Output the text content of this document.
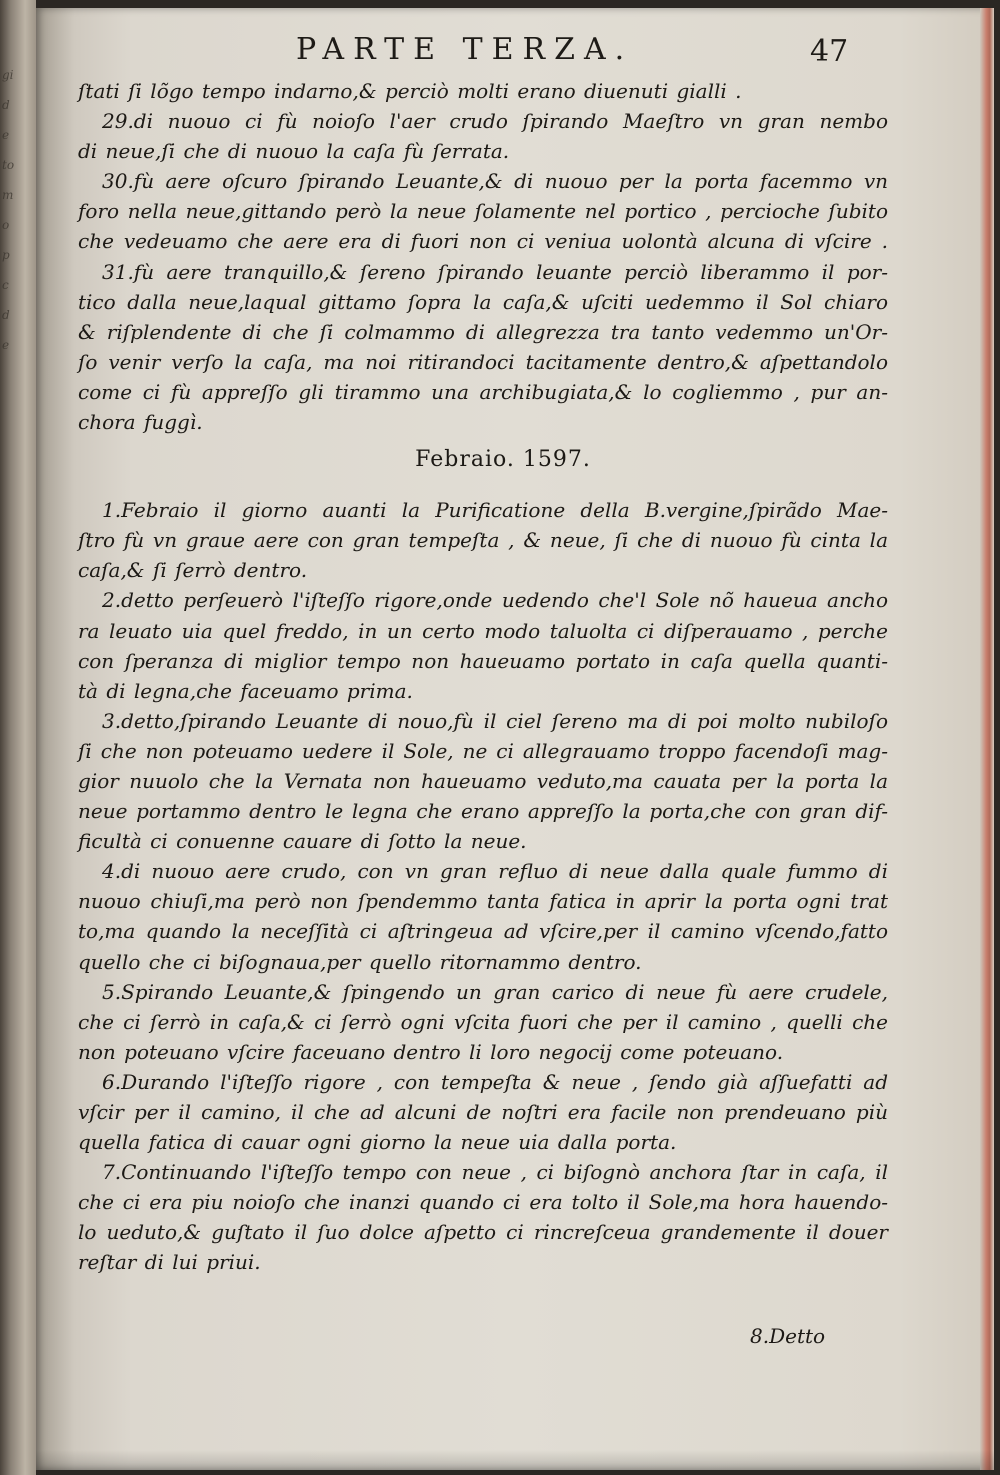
gi
d
e
to
m
o
p
c
d
e
PARTE TERZA.	47
ſtati ſi lõgo tempo indarno,& perciò molti erano diuenuti gialli .
29.di nuouo ci fù noioſo l'aer crudo ſpirando Maeſtro vn gran nembo
di neue,ſi che di nuouo la caſa fù ſerrata.
30.fù aere oſcuro ſpirando Leuante,& di nuouo per la porta facemmo vn
foro nella neue,gittando però la neue ſolamente nel portico , percioche ſubito
che vedeuamo che aere era di fuori non ci veniua uolontà alcuna di vſcire .
31.fù aere tranquillo,& ſereno ſpirando leuante perciò liberammo il por-
tico dalla neue,laqual gittamo ſopra la caſa,& uſciti uedemmo il Sol chiaro
& riſplendente di che ſi colmammo di allegrezza tra tanto vedemmo un'Or-
ſo venir verſo la caſa, ma noi ritirandoci tacitamente dentro,& aſpettandolo
come ci fù appreſſo gli tirammo una archibugiata,& lo cogliemmo , pur an-
chora fuggì.
Febraio. 1597.
1.Febraio il giorno auanti la Purificatione della B.vergine,ſpirãdo Mae-
ſtro fù vn graue aere con gran tempeſta , & neue, ſi che di nuouo fù cinta la
caſa,& ſi ſerrò dentro.
2.detto perſeuerò l'iſteſſo rigore,onde uedendo che'l Sole nõ haueua ancho
ra leuato uia quel freddo, in un certo modo taluolta ci diſperauamo , perche
con ſperanza di miglior tempo non haueuamo portato in caſa quella quanti-
tà di legna,che faceuamo prima.
3.detto,ſpirando Leuante di nouo,fù il ciel ſereno ma di poi molto nubiloſo
ſi che non poteuamo uedere il Sole, ne ci allegrauamo troppo facendoſi mag-
gior nuuolo che la Vernata non haueuamo veduto,ma cauata per la porta la
neue portammo dentro le legna che erano appreſſo la porta,che con gran dif-
ficultà ci conuenne cauare di ſotto la neue.
4.di nuouo aere crudo, con vn gran refluo di neue dalla quale fummo di
nuouo chiuſi,ma però non ſpendemmo tanta fatica in aprir la porta ogni trat
to,ma quando la neceſſità ci aſtringeua ad vſcire,per il camino vſcendo,fatto
quello che ci biſognaua,per quello ritornammo dentro.
5.Spirando Leuante,& ſpingendo un gran carico di neue fù aere crudele,
che ci ſerrò in caſa,& ci ſerrò ogni vſcita fuori che per il camino , quelli che
non poteuano vſcire faceuano dentro li loro negocij come poteuano.
6.Durando l'iſteſſo rigore , con tempeſta & neue , ſendo già aſſuefatti ad
vſcir per il camino, il che ad alcuni de noſtri era facile non prendeuano più
quella fatica di cauar ogni giorno la neue uia dalla porta.
7.Continuando l'iſteſſo tempo con neue , ci biſognò anchora ſtar in caſa, il
che ci era piu noioſo che inanzi quando ci era tolto il Sole,ma hora hauendo-
lo ueduto,& guſtato il ſuo dolce aſpetto ci rincreſceua grandemente il douer
reſtar di lui priui.
8.Detto
